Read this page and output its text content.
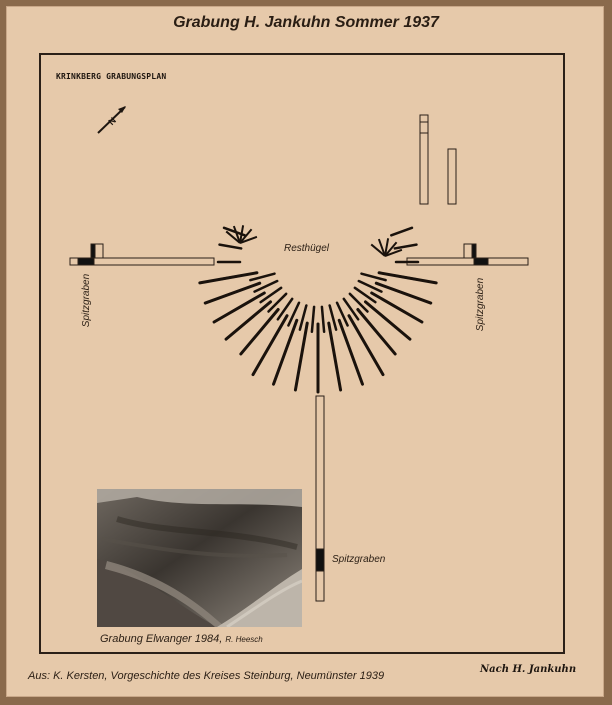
Grabung H. Jankuhn Sommer 1937
KRINKBERG GRABUNGSPLAN
N
Resthügel
Spitzgraben	Spitzgraben
Spitzgraben
Grabung Elwanger 1984, R. Heesch
Aus: K. Kersten, Vorgeschichte des Kreises Steinburg, Neumünster 1939
Nach H. Jankuhn
